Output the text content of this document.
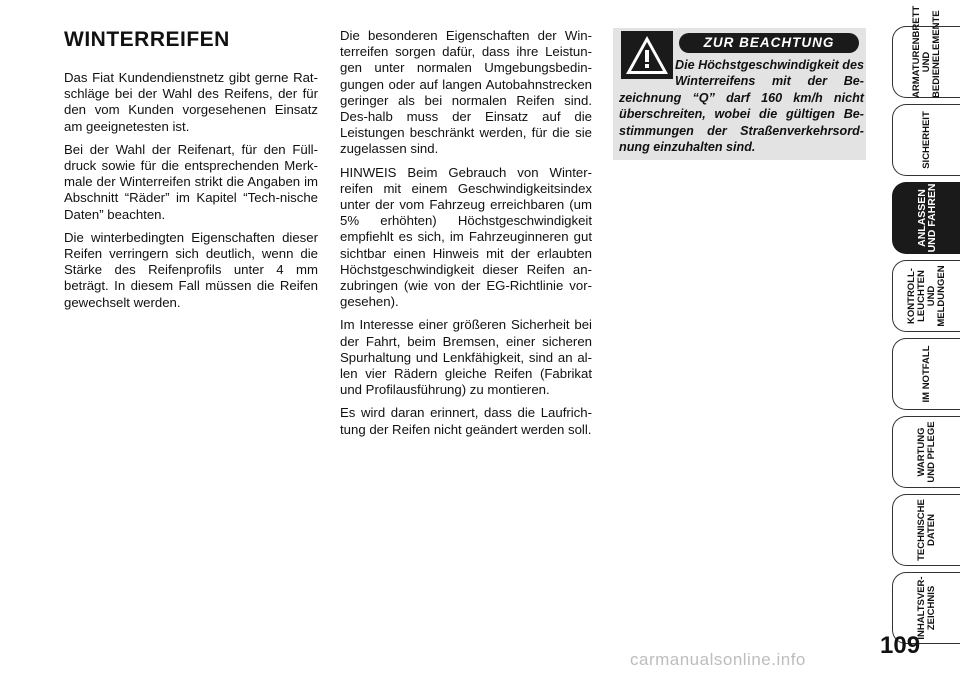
WINTERREIFEN

Das Fiat Kundendienstnetz gibt gerne Rat-schläge bei der Wahl des Reifens, der für den vom Kunden vorgesehenen Einsatz am geeignetesten ist.

Bei der Wahl der Reifenart, für den Füll-druck sowie für die entsprechenden Merk-male der Winterreifen strikt die Angaben im Abschnitt “Räder” im Kapitel “Tech-nische Daten” beachten.

Die winterbedingten Eigenschaften dieser Reifen verringern sich deutlich, wenn die Stärke des Reifenprofils unter 4 mm beträgt. In diesem Fall müssen die Reifen gewechselt werden.

Die besonderen Eigenschaften der Win-terreifen sorgen dafür, dass ihre Leistun-gen unter normalen Umgebungsbedin-gungen oder auf langen Autobahnstrecken geringer als bei normalen Reifen sind. Des-halb muss der Einsatz auf die Leistungen beschränkt werden, für die sie zugelassen sind.

HINWEIS Beim Gebrauch von Winter-reifen mit einem Geschwindigkeitsindex unter der vom Fahrzeug erreichbaren (um 5% erhöhten) Höchstgeschwindigkeit empfiehlt es sich, im Fahrzeuginneren gut sichtbar einen Hinweis mit der erlaubten Höchstgeschwindigkeit dieser Reifen an-zubringen (wie von der EG-Richtlinie vor-gesehen).

Im Interesse einer größeren Sicherheit bei der Fahrt, beim Bremsen, einer sicheren Spurhaltung und Lenkfähigkeit, sind an al-len vier Rädern gleiche Reifen (Fabrikat und Profilausführung) zu montieren.

Es wird daran erinnert, dass die Laufrich-tung der Reifen nicht geändert werden soll.

ZUR BEACHTUNG

Die Höchstgeschwindigkeit des Winterreifens mit der Be-zeichnung “Q” darf 160 km/h nicht überschreiten, wobei die gültigen Be-stimmungen der Straßenverkehrsord-nung einzuhalten sind.

ARMATURENBRETT
UND
BEDIENELEMENTE
SICHERHEIT
ANLASSEN
UND FAHREN
KONTROLL-
LEUCHTEN UND
MELDUNGEN
IM NOTFALL
WARTUNG
UND PFLEGE
TECHNISCHE
DATEN
INHALTSVER-
ZEICHNIS
109
carmanualsonline.info
